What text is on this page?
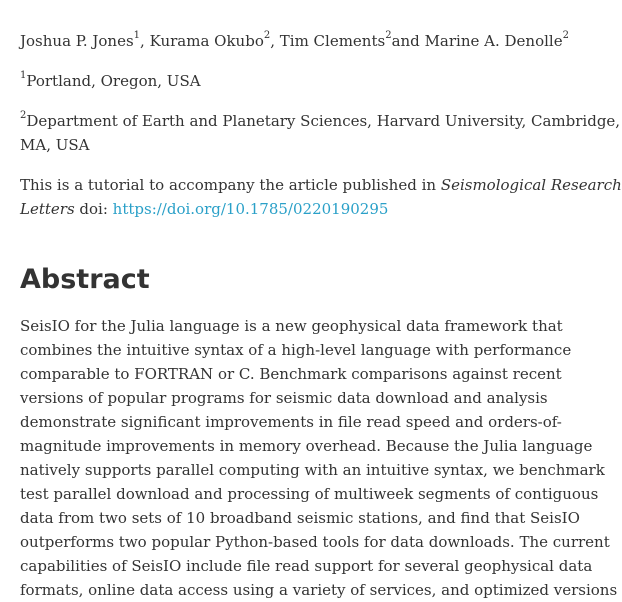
Joshua P. Jones$^1$, Kurama Okubo$^2$, Tim Clements$^2$and Marine A. Denolle$^2$
$^1$Portland, Oregon, USA
$^2$Department of Earth and Planetary Sciences, Harvard University, Cambridge,
MA, USA
This is a tutorial to accompany the article published in Seismological Research
Letters doi: https://doi.org/10.1785/0220190295
Abstract
SeisIO for the Julia language is a new geophysical data framework that
combines the intuitive syntax of a high-level language with performance
comparable to FORTRAN or C. Benchmark comparisons against recent
versions of popular programs for seismic data download and analysis
demonstrate significant improvements in file read speed and orders-of-
magnitude improvements in memory overhead. Because the Julia language
natively supports parallel computing with an intuitive syntax, we benchmark
test parallel download and processing of multiweek segments of contiguous
data from two sets of 10 broadband seismic stations, and find that SeisIO
outperforms two popular Python-based tools for data downloads. The current
capabilities of SeisIO include file read support for several geophysical data
formats, online data access using a variety of services, and optimized versions
